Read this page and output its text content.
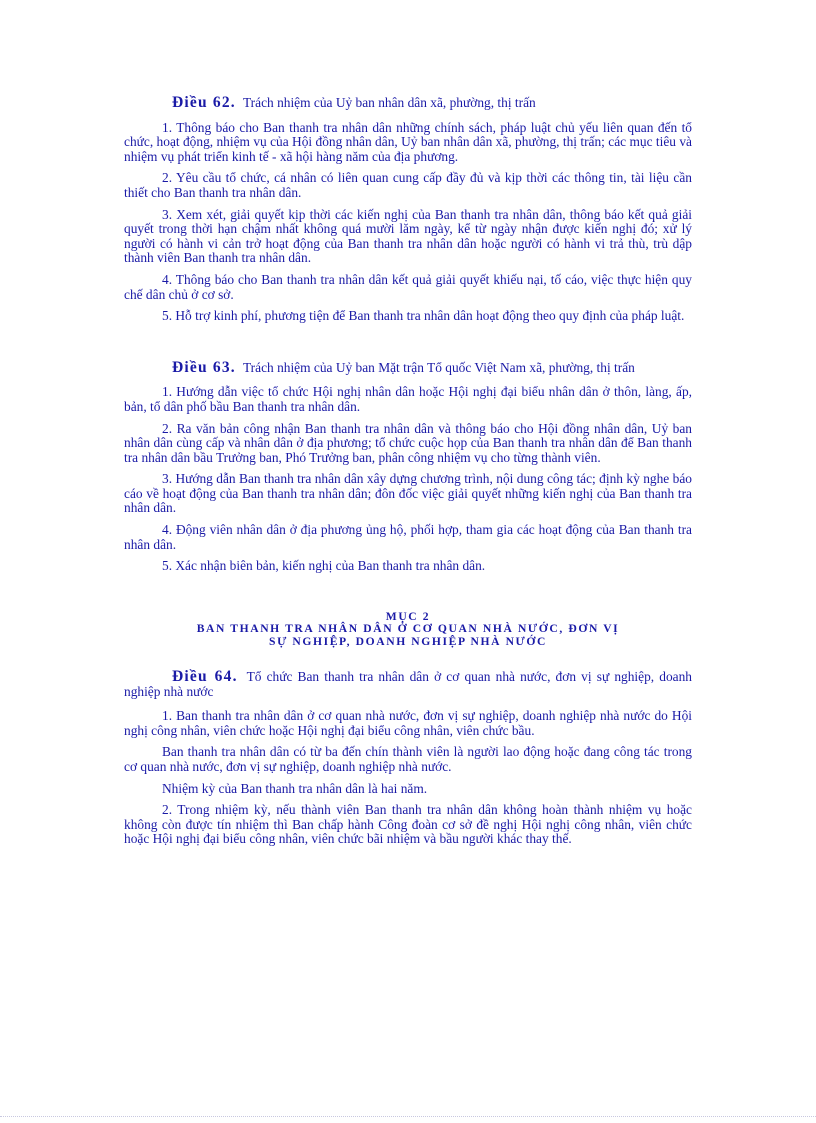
Điều 62. Trách nhiệm của Uỷ ban nhân dân xã, phường, thị trấn

1. Thông báo cho Ban thanh tra nhân dân những chính sách, pháp luật chủ yếu liên quan đến tổ chức, hoạt động, nhiệm vụ của Hội đồng nhân dân, Uỷ ban nhân dân xã, phường, thị trấn; các mục tiêu và nhiệm vụ phát triển kinh tế - xã hội hàng năm của địa phương.

2. Yêu cầu tổ chức, cá nhân có liên quan cung cấp đầy đủ và kịp thời các thông tin, tài liệu cần thiết cho Ban thanh tra nhân dân.

3. Xem xét, giải quyết kịp thời các kiến nghị của Ban thanh tra nhân dân, thông báo kết quả giải quyết trong thời hạn chậm nhất không quá mười lăm ngày, kể từ ngày nhận được kiến nghị đó; xử lý người có hành vi cản trở hoạt động của Ban thanh tra nhân dân hoặc người có hành vi trả thù, trù dập thành viên Ban thanh tra nhân dân.

4. Thông báo cho Ban thanh tra nhân dân kết quả giải quyết khiếu nại, tố cáo, việc thực hiện quy chế dân chủ ở cơ sở.

5. Hỗ trợ kinh phí, phương tiện để Ban thanh tra nhân dân hoạt động theo quy định của pháp luật.

Điều 63. Trách nhiệm của Uỷ ban Mặt trận Tổ quốc Việt Nam xã, phường, thị trấn

1. Hướng dẫn việc tổ chức Hội nghị nhân dân hoặc Hội nghị đại biểu nhân dân ở thôn, làng, ấp, bản, tổ dân phố bầu Ban thanh tra nhân dân.

2. Ra văn bản công nhận Ban thanh tra nhân dân và thông báo cho Hội đồng nhân dân, Uỷ ban nhân dân cùng cấp và nhân dân ở địa phương; tổ chức cuộc họp của Ban thanh tra nhân dân để Ban thanh tra nhân dân bầu Trưởng ban, Phó Trưởng ban, phân công nhiệm vụ cho từng thành viên.

3. Hướng dẫn Ban thanh tra nhân dân xây dựng chương trình, nội dung công tác; định kỳ nghe báo cáo về hoạt động của Ban thanh tra nhân dân; đôn đốc việc giải quyết những kiến nghị của Ban thanh tra nhân dân.

4. Động viên nhân dân ở địa phương ủng hộ, phối hợp, tham gia các hoạt động của Ban thanh tra nhân dân.

5. Xác nhận biên bản, kiến nghị của Ban thanh tra nhân dân.

MỤC 2
BAN THANH TRA NHÂN DÂN Ở CƠ QUAN NHÀ NƯỚC, ĐƠN VỊ
SỰ NGHIỆP, DOANH NGHIỆP NHÀ NƯỚC

Điều 64. Tổ chức Ban thanh tra nhân dân ở cơ quan nhà nước, đơn vị sự nghiệp, doanh nghiệp nhà nước

1. Ban thanh tra nhân dân ở cơ quan nhà nước, đơn vị sự nghiệp, doanh nghiệp nhà nước do Hội nghị công nhân, viên chức hoặc Hội nghị đại biểu công nhân, viên chức bầu.

Ban thanh tra nhân dân có từ ba đến chín thành viên là người lao động hoặc đang công tác trong cơ quan nhà nước, đơn vị sự nghiệp, doanh nghiệp nhà nước.

Nhiệm kỳ của Ban thanh tra nhân dân là hai năm.

2. Trong nhiệm kỳ, nếu thành viên Ban thanh tra nhân dân không hoàn thành nhiệm vụ hoặc không còn được tín nhiệm thì Ban chấp hành Công đoàn cơ sở đề nghị Hội nghị công nhân, viên chức hoặc Hội nghị đại biểu công nhân, viên chức bãi nhiệm và bầu người khác thay thế.
